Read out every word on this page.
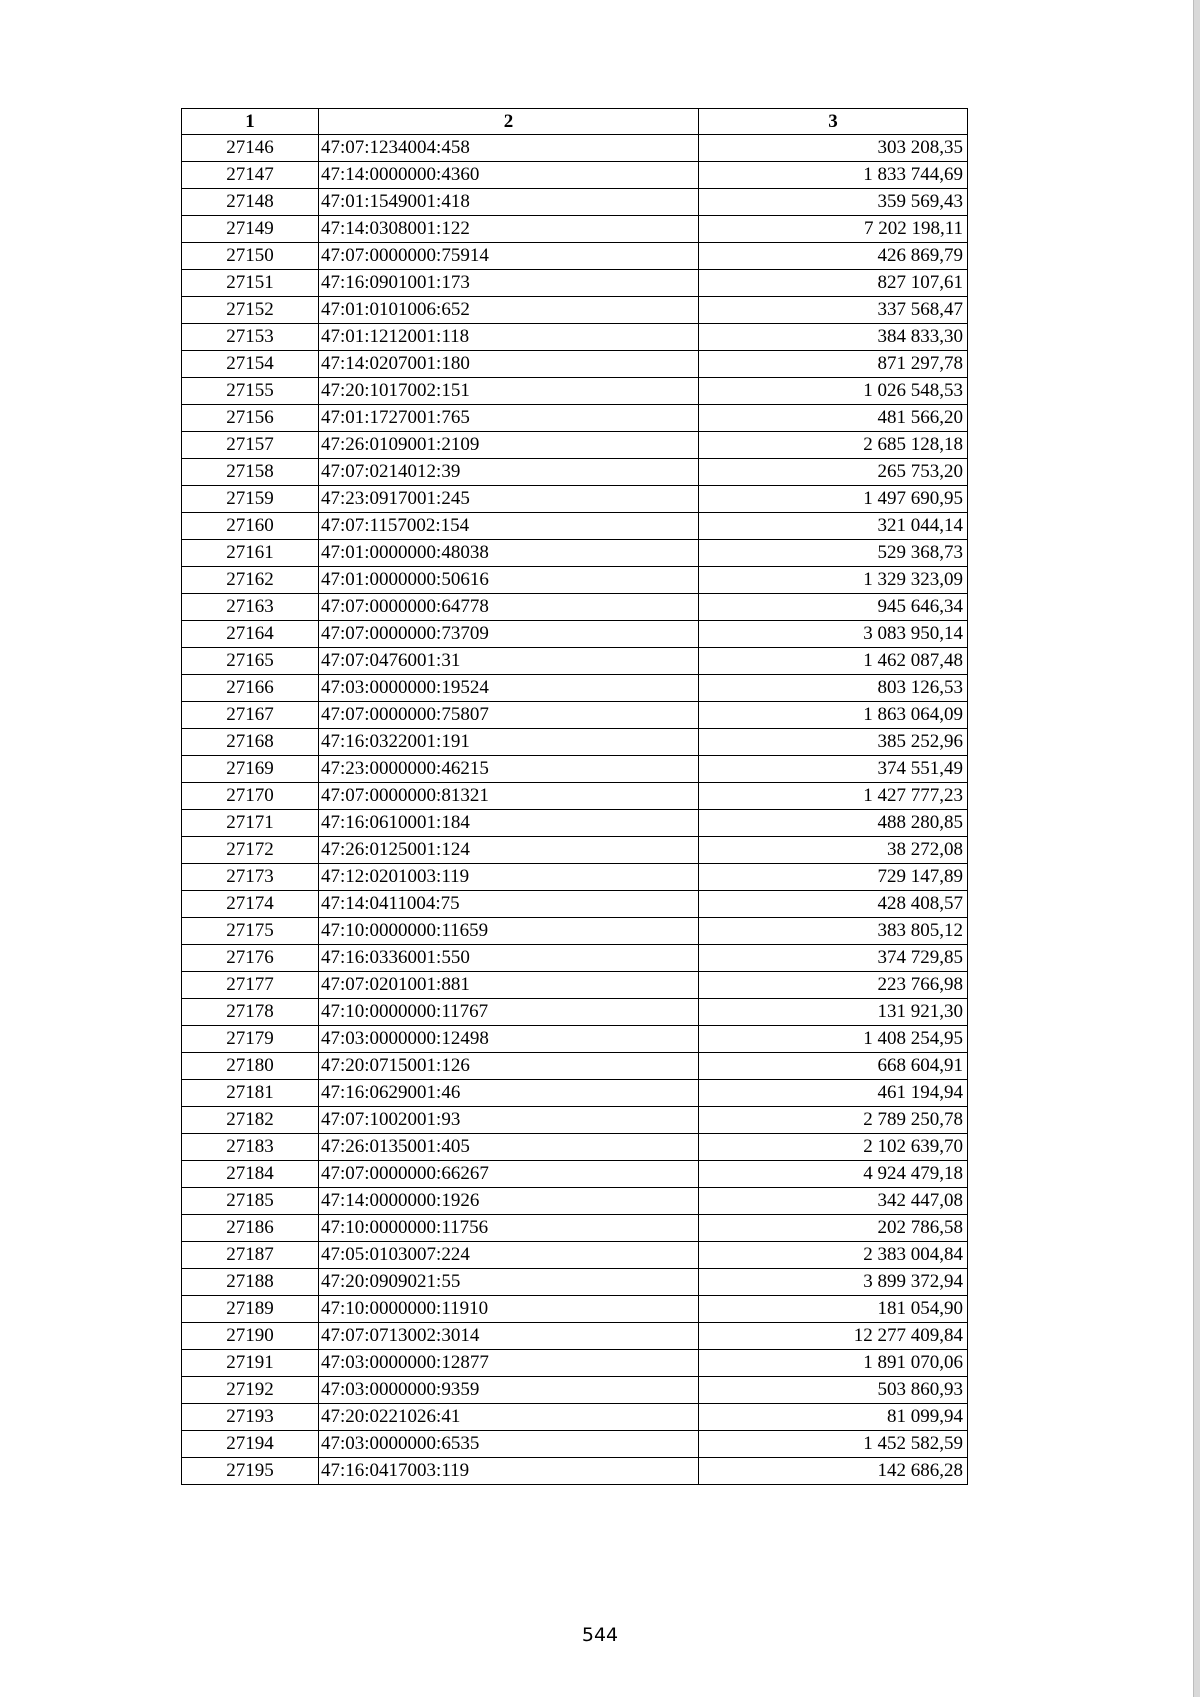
1	2	3
27146	47:07:1234004:458	303 208,35
27147	47:14:0000000:4360	1 833 744,69
27148	47:01:1549001:418	359 569,43
27149	47:14:0308001:122	7 202 198,11
27150	47:07:0000000:75914	426 869,79
27151	47:16:0901001:173	827 107,61
27152	47:01:0101006:652	337 568,47
27153	47:01:1212001:118	384 833,30
27154	47:14:0207001:180	871 297,78
27155	47:20:1017002:151	1 026 548,53
27156	47:01:1727001:765	481 566,20
27157	47:26:0109001:2109	2 685 128,18
27158	47:07:0214012:39	265 753,20
27159	47:23:0917001:245	1 497 690,95
27160	47:07:1157002:154	321 044,14
27161	47:01:0000000:48038	529 368,73
27162	47:01:0000000:50616	1 329 323,09
27163	47:07:0000000:64778	945 646,34
27164	47:07:0000000:73709	3 083 950,14
27165	47:07:0476001:31	1 462 087,48
27166	47:03:0000000:19524	803 126,53
27167	47:07:0000000:75807	1 863 064,09
27168	47:16:0322001:191	385 252,96
27169	47:23:0000000:46215	374 551,49
27170	47:07:0000000:81321	1 427 777,23
27171	47:16:0610001:184	488 280,85
27172	47:26:0125001:124	38 272,08
27173	47:12:0201003:119	729 147,89
27174	47:14:0411004:75	428 408,57
27175	47:10:0000000:11659	383 805,12
27176	47:16:0336001:550	374 729,85
27177	47:07:0201001:881	223 766,98
27178	47:10:0000000:11767	131 921,30
27179	47:03:0000000:12498	1 408 254,95
27180	47:20:0715001:126	668 604,91
27181	47:16:0629001:46	461 194,94
27182	47:07:1002001:93	2 789 250,78
27183	47:26:0135001:405	2 102 639,70
27184	47:07:0000000:66267	4 924 479,18
27185	47:14:0000000:1926	342 447,08
27186	47:10:0000000:11756	202 786,58
27187	47:05:0103007:224	2 383 004,84
27188	47:20:0909021:55	3 899 372,94
27189	47:10:0000000:11910	181 054,90
27190	47:07:0713002:3014	12 277 409,84
27191	47:03:0000000:12877	1 891 070,06
27192	47:03:0000000:9359	503 860,93
27193	47:20:0221026:41	81 099,94
27194	47:03:0000000:6535	1 452 582,59
27195	47:16:0417003:119	142 686,28
544
